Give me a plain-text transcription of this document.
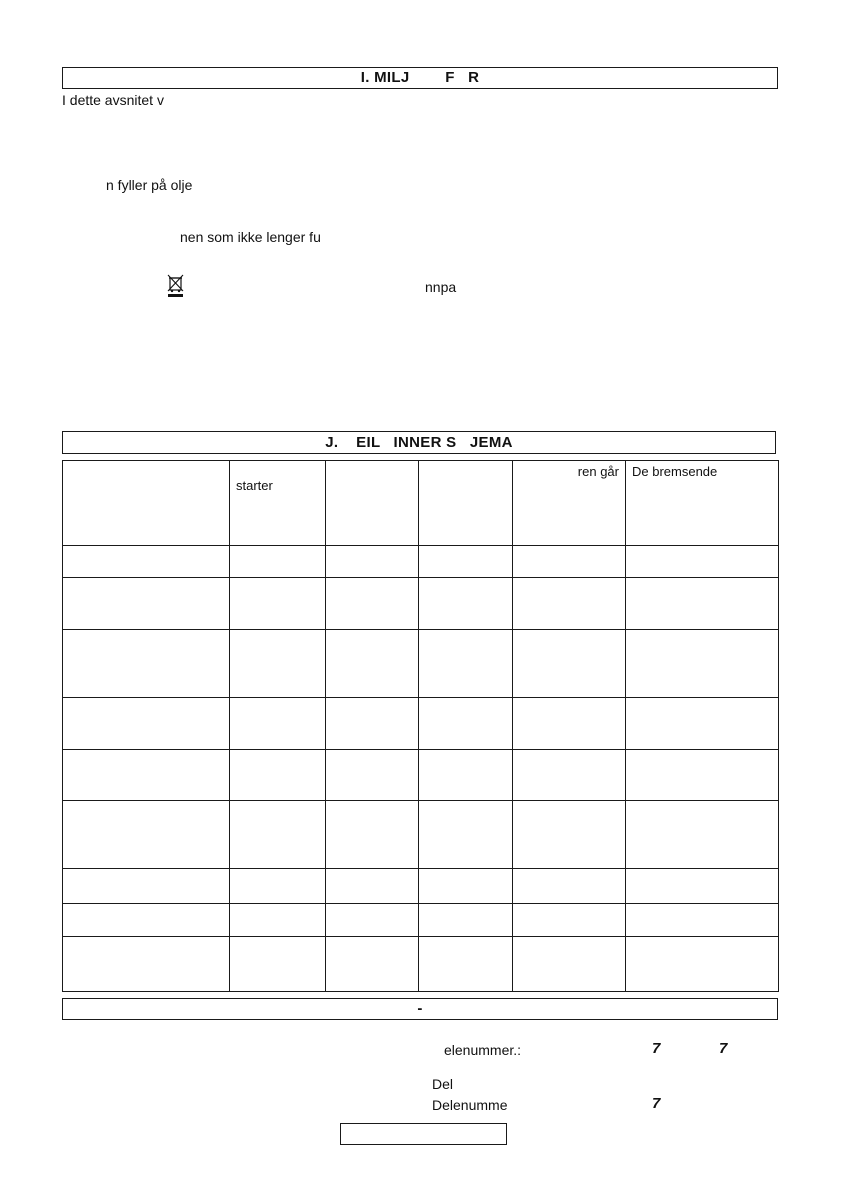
I. MILJ        F   R
I dette avsnitet v
n fyller på olje
nen som ikke lenger fu
nnpa
J.    EIL   INNER S   JEMA

	starter			ren går	De bremsende

-
elenummer.:	7	7
Del
Delenumme	7
